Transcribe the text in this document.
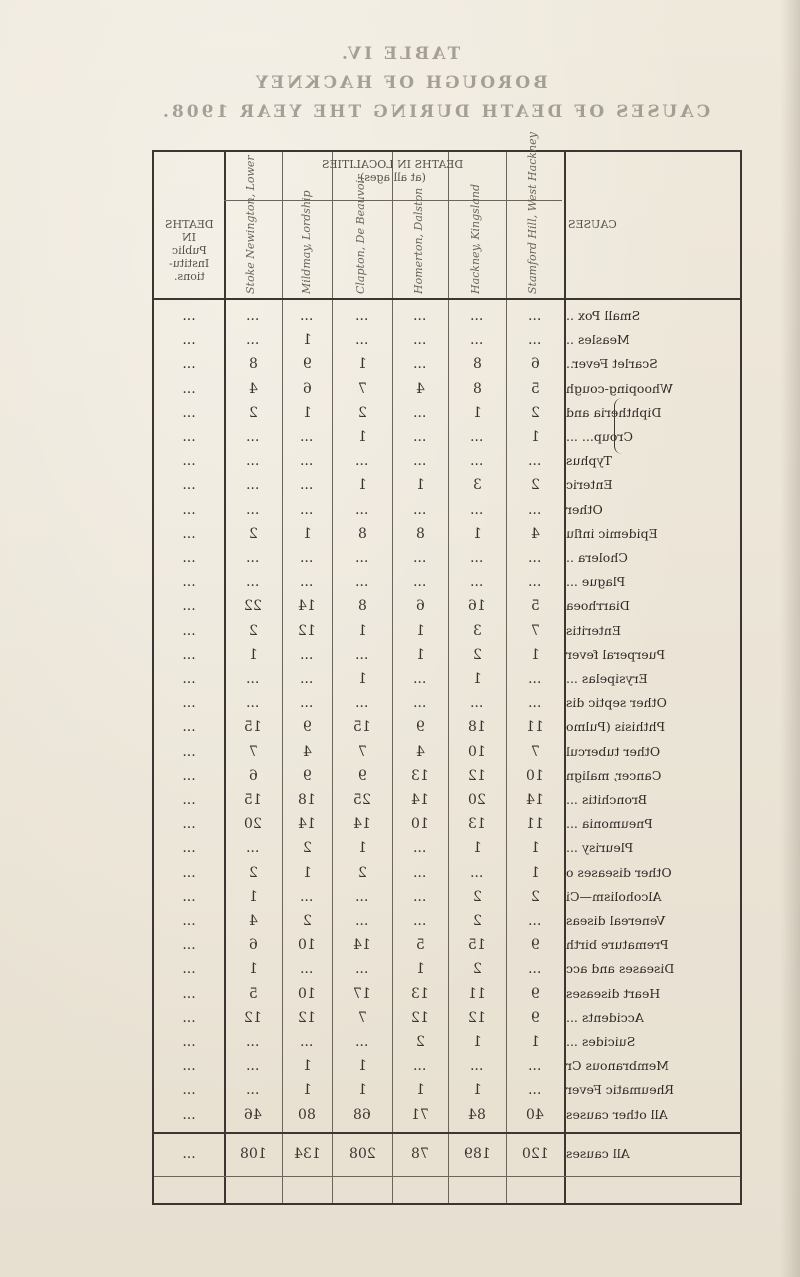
TABLE IV.
BOROUGH OF HACKNEY
CAUSES OF DEATH DURING THE YEAR 1908.
DEATHS
IN
Public
Institu-
tions.
DEATHS IN LOCALITIES
(at all ages)
CAUSES
Stoke Newington, Lower	Mildmay, Lordship	Clapton, De Beauvoir	Homerton, Dalston	Hackney, Kingsland	Stamford Hill, West Hackney
...	...	...	...	...	...	...	Small Pox ..
...	...	1	...	...	...	...	Measles ..
...	8	9	1	...	8	6	Scarlet Fever..
...	4	6	7	4	8	5	Whooping-cough
...	2	1	2	...	1	2	Diphtheria and
...	...	...	1	...	...	1	Croup... ...
...	...	...	...	...	...	...	Typhus
...	...	...	1	1	3	2	Enteric
...	...	...	...	...	...	...	Other
...	2	1	8	8	1	4	Epidemic influ
...	...	...	...	...	...	...	Cholera ..
...	...	...	...	...	...	...	Plague ...
...	22	14	8	6	16	5	Diarrhoea
...	2	12	1	1	3	7	Enteritis
...	1	...	...	1	2	1	Puerperal fever
...	...	...	1	...	1	...	Erysipelas ...
...	...	...	...	...	...	...	Other septic dis
...	15	9	15	9	18	11	Phthisis (Pulmo
...	7	4	7	4	10	7	Other tubercul
...	6	9	9	13	12	10	Cancer, malign
...	15	18	25	14	20	14	Bronchitis ...
...	20	14	14	10	13	11	Pneumonia ...
...	...	2	1	...	1	1	Pleurisy ...
...	2	1	2	...	...	1	Other diseases o
...	1	...	...	...	2	2	Alcoholism—Ci
...	4	2	...	...	2	...	Venereal diseas
...	6	10	14	5	15	9	Premature birth
...	1	...	...	1	2	...	Diseases and acc
...	5	10	17	13	11	9	Heart diseases
...	12	12	7	12	12	9	Accidents ...
...	...	...	...	2	1	1	Suicides ...
...	...	1	1	...	...	...	Membranous Cr
...	...	1	1	1	1	...	Rheumatic Fever
...	46	80	68	71	84	40	All other causes
...	108	134	208	78	189	120	All causes
